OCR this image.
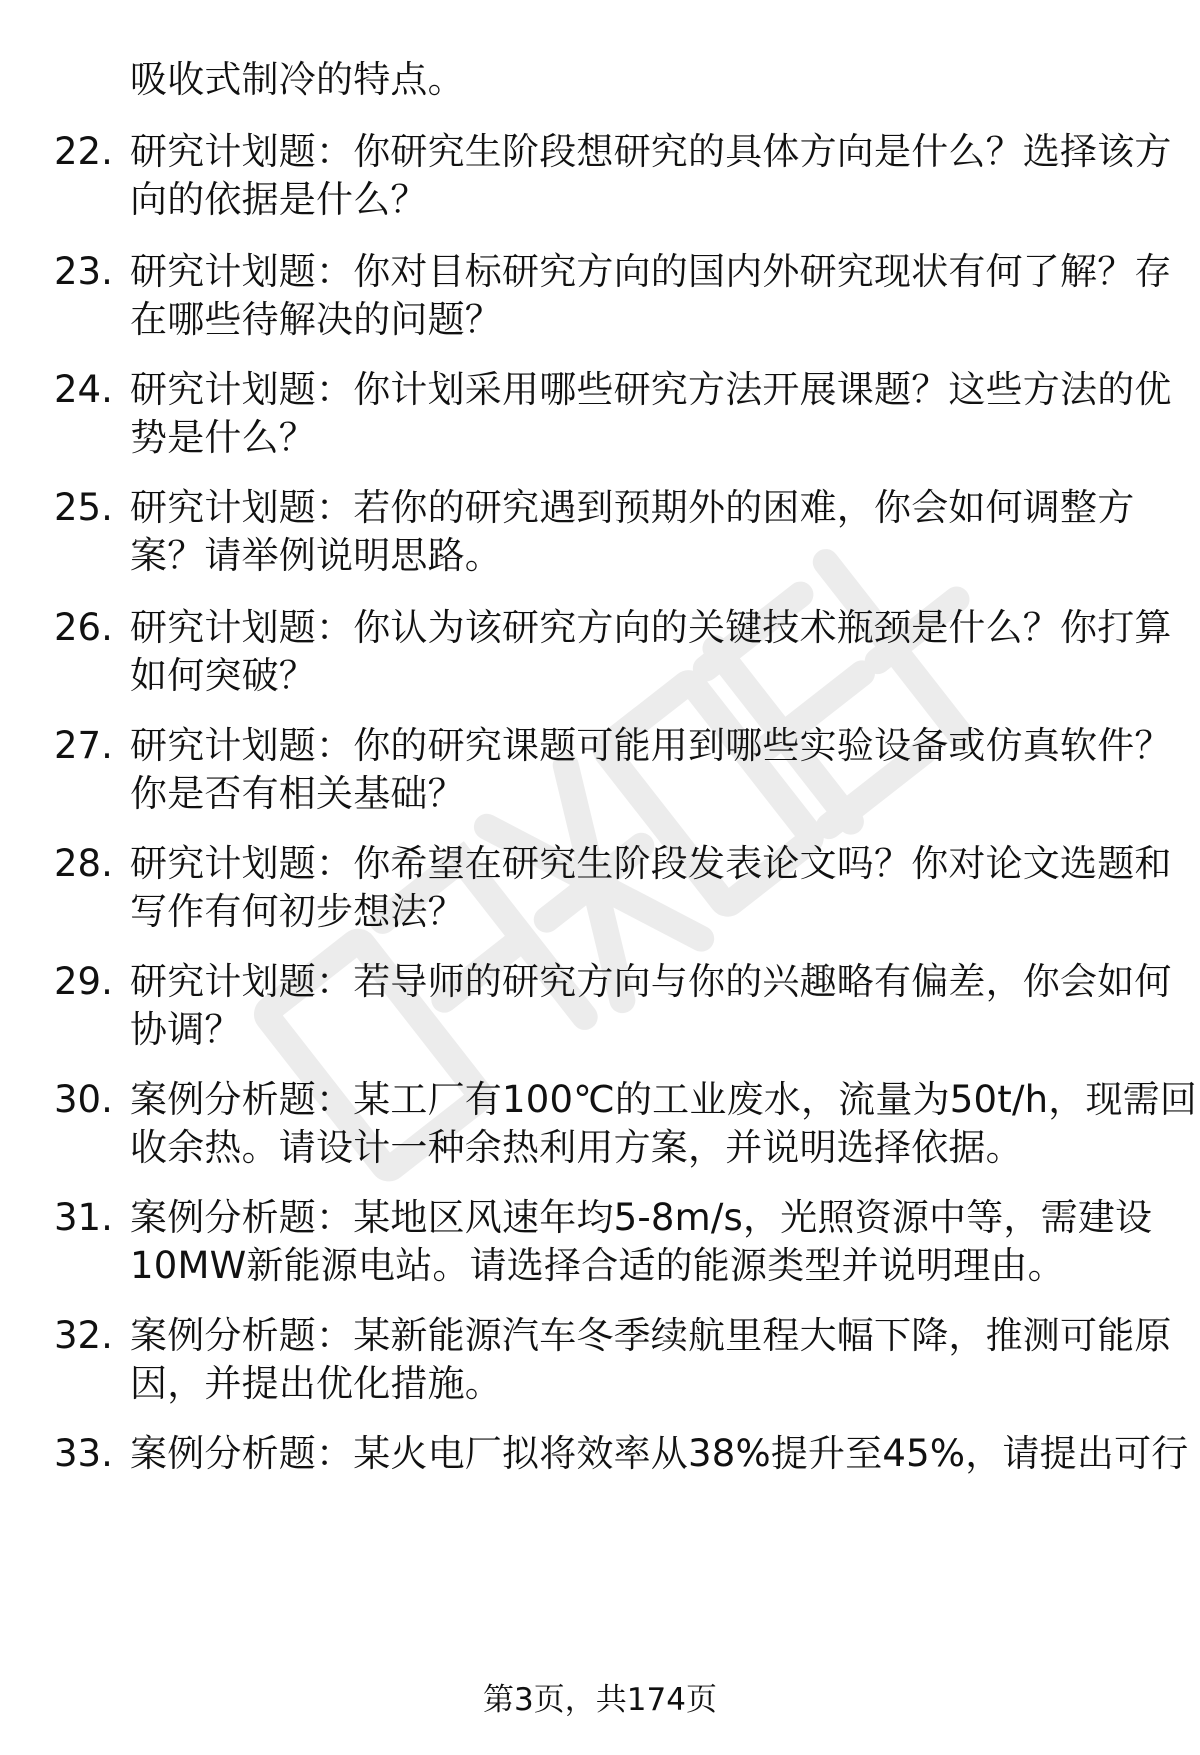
吸收式制冷的特点。
22. 研究计划题：你研究生阶段想研究的具体方向是什么？选择该方
向的依据是什么？
23. 研究计划题：你对目标研究方向的国内外研究现状有何了解？存
在哪些待解决的问题？
24. 研究计划题：你计划采用哪些研究方法开展课题？这些方法的优
势是什么？
25. 研究计划题：若你的研究遇到预期外的困难，你会如何调整方
案？请举例说明思路。
26. 研究计划题：你认为该研究方向的关键技术瓶颈是什么？你打算
如何突破？
27. 研究计划题：你的研究课题可能用到哪些实验设备或仿真软件？
你是否有相关基础？
28. 研究计划题：你希望在研究生阶段发表论文吗？你对论文选题和
写作有何初步想法？
29. 研究计划题：若导师的研究方向与你的兴趣略有偏差，你会如何
协调？
30. 案例分析题：某工厂有100℃的工业废水，流量为50t/h，现需回
收余热。请设计一种余热利用方案，并说明选择依据。
31. 案例分析题：某地区风速年均5-8m/s，光照资源中等，需建设
10MW新能源电站。请选择合适的能源类型并说明理由。
32. 案例分析题：某新能源汽车冬季续航里程大幅下降，推测可能原
因，并提出优化措施。
33. 案例分析题：某火电厂拟将效率从38%提升至45%，请提出可行
第3页，共174页
